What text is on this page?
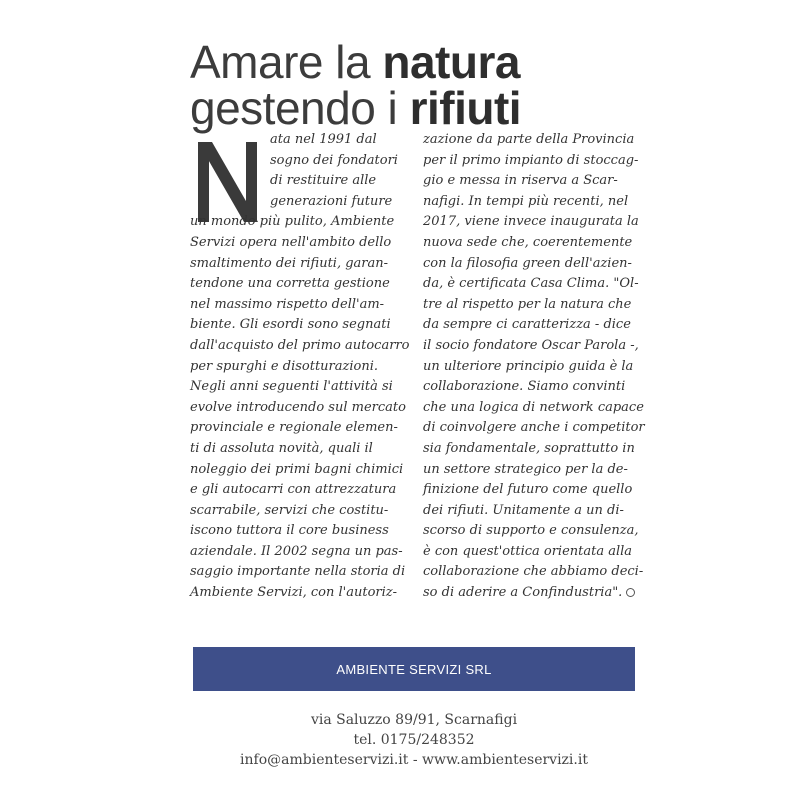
Amare la natura
gestendo i rifiuti
ata nel 1991 dal
sogno dei fondatori
di restituire alle
generazioni future
un mondo più pulito, Ambiente
Servizi opera nell'ambito dello
smaltimento dei rifiuti, garan-
tendone una corretta gestione
nel massimo rispetto dell'am-
biente. Gli esordi sono segnati
dall'acquisto del primo autocarro
per spurghi e disotturazioni.
Negli anni seguenti l'attività si
evolve introducendo sul mercato
provinciale e regionale elemen-
ti di assoluta novità, quali il
noleggio dei primi bagni chimici
e gli autocarri con attrezzatura
scarrabile, servizi che costitu-
iscono tuttora il core business
aziendale. Il 2002 segna un pas-
saggio importante nella storia di
Ambiente Servizi, con l'autoriz-
zazione da parte della Provincia
per il primo impianto di stoccag-
gio e messa in riserva a Scar-
nafigi. In tempi più recenti, nel
2017, viene invece inaugurata la
nuova sede che, coerentemente
con la filosofia green dell'azien-
da, è certificata Casa Clima. "Ol-
tre al rispetto per la natura che
da sempre ci caratterizza - dice
il socio fondatore Oscar Parola -,
un ulteriore principio guida è la
collaborazione. Siamo convinti
che una logica di network capace
di coinvolgere anche i competitor
sia fondamentale, soprattutto in
un settore strategico per la de-
finizione del futuro come quello
dei rifiuti. Unitamente a un di-
scorso di supporto e consulenza,
è con quest'ottica orientata alla
collaborazione che abbiamo deci-
so di aderire a Confindustria".
AMBIENTE SERVIZI SRL
via Saluzzo 89/91, Scarnafigi
tel. 0175/248352
info@ambienteservizi.it - www.ambienteservizi.it
